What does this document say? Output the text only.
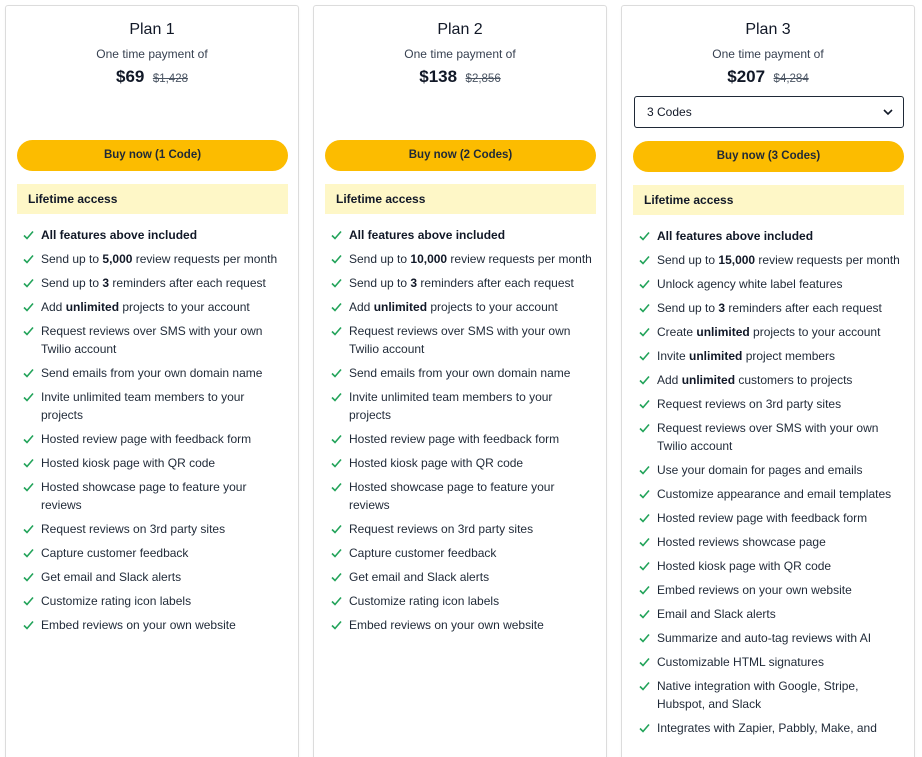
Plan 1
One time payment of
$69 $1,428
Buy now (1 Code)
Lifetime access
All features above included
Send up to 5,000 review requests per month
Send up to 3 reminders after each request
Add unlimited projects to your account
Request reviews over SMS with your own Twilio account
Send emails from your own domain name
Invite unlimited team members to your projects
Hosted review page with feedback form
Hosted kiosk page with QR code
Hosted showcase page to feature your reviews
Request reviews on 3rd party sites
Capture customer feedback
Get email and Slack alerts
Customize rating icon labels
Embed reviews on your own website
Plan 2
One time payment of
$138 $2,856
Buy now (2 Codes)
Lifetime access
All features above included
Send up to 10,000 review requests per month
Send up to 3 reminders after each request
Add unlimited projects to your account
Request reviews over SMS with your own Twilio account
Send emails from your own domain name
Invite unlimited team members to your projects
Hosted review page with feedback form
Hosted kiosk page with QR code
Hosted showcase page to feature your reviews
Request reviews on 3rd party sites
Capture customer feedback
Get email and Slack alerts
Customize rating icon labels
Embed reviews on your own website
Plan 3
One time payment of
$207 $4,284
3 Codes
Buy now (3 Codes)
Lifetime access
All features above included
Send up to 15,000 review requests per month
Unlock agency white label features
Send up to 3 reminders after each request
Create unlimited projects to your account
Invite unlimited project members
Add unlimited customers to projects
Request reviews on 3rd party sites
Request reviews over SMS with your own Twilio account
Use your domain for pages and emails
Customize appearance and email templates
Hosted review page with feedback form
Hosted reviews showcase page
Hosted kiosk page with QR code
Embed reviews on your own website
Email and Slack alerts
Summarize and auto-tag reviews with AI
Customizable HTML signatures
Native integration with Google, Stripe, Hubspot, and Slack
Integrates with Zapier, Pabbly, Make, and
